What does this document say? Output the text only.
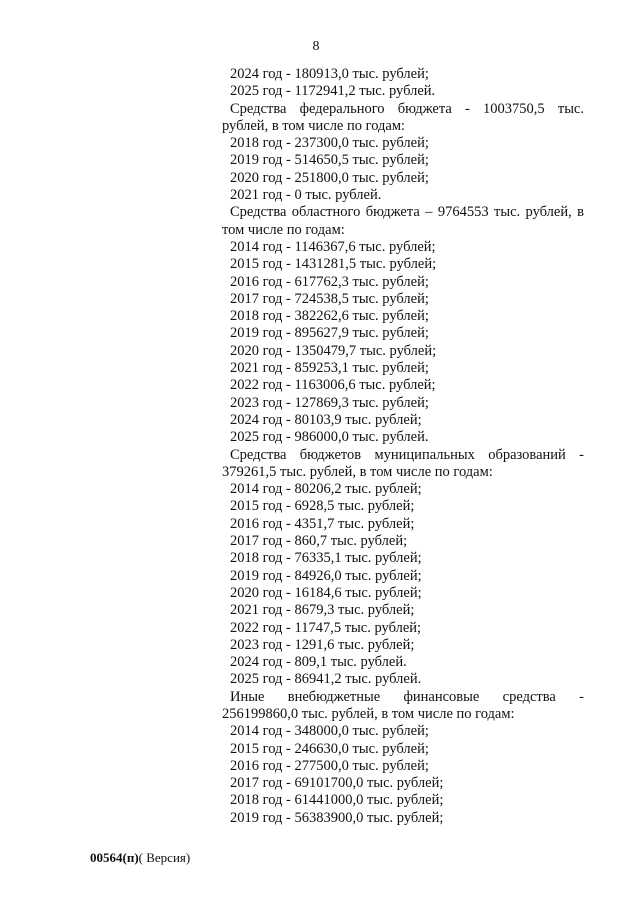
8
2024 год - 180913,0 тыс. рублей;
2025 год - 1172941,2 тыс. рублей.
Средства федерального бюджета - 1003750,5 тыс. рублей, в том числе по годам:
2018 год - 237300,0 тыс. рублей;
2019 год - 514650,5 тыс. рублей;
2020 год - 251800,0 тыс. рублей;
2021 год - 0 тыс. рублей.
Средства областного бюджета – 9764553 тыс. рублей, в том числе по годам:
2014 год - 1146367,6 тыс. рублей;
2015 год - 1431281,5 тыс. рублей;
2016 год - 617762,3 тыс. рублей;
2017 год - 724538,5 тыс. рублей;
2018 год - 382262,6 тыс. рублей;
2019 год - 895627,9 тыс. рублей;
2020 год - 1350479,7 тыс. рублей;
2021 год - 859253,1 тыс. рублей;
2022 год - 1163006,6 тыс. рублей;
2023 год - 127869,3 тыс. рублей;
2024 год - 80103,9 тыс. рублей;
2025 год - 986000,0 тыс. рублей.
Средства бюджетов муниципальных образований - 379261,5 тыс. рублей, в том числе по годам:
2014 год - 80206,2 тыс. рублей;
2015 год - 6928,5 тыс. рублей;
2016 год - 4351,7 тыс. рублей;
2017 год - 860,7 тыс. рублей;
2018 год - 76335,1 тыс. рублей;
2019 год - 84926,0 тыс. рублей;
2020 год - 16184,6 тыс. рублей;
2021 год - 8679,3 тыс. рублей;
2022 год - 11747,5 тыс. рублей;
2023 год - 1291,6 тыс. рублей;
2024 год - 809,1 тыс. рублей.
2025 год - 86941,2 тыс. рублей.
Иные внебюджетные финансовые средства - 256199860,0 тыс. рублей, в том числе по годам:
2014 год - 348000,0 тыс. рублей;
2015 год - 246630,0 тыс. рублей;
2016 год - 277500,0 тыс. рублей;
2017 год - 69101700,0 тыс. рублей;
2018 год - 61441000,0 тыс. рублей;
2019 год - 56383900,0 тыс. рублей;
00564(п)( Версия)
